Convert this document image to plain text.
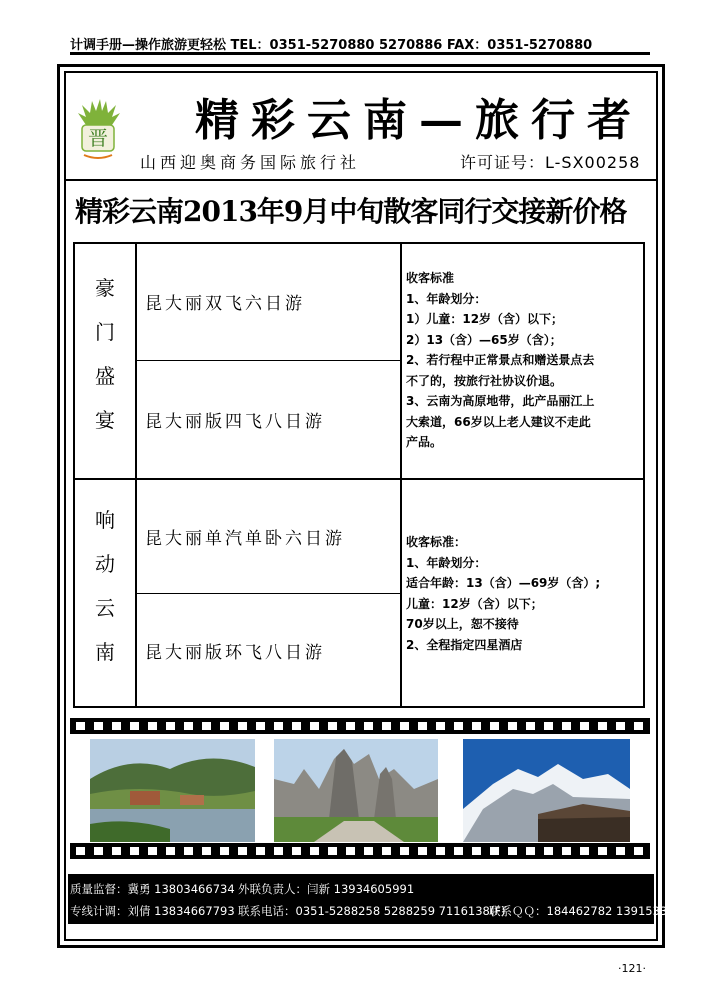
计调手册—操作旅游更轻松 TEL：0351-5270880 5270886 FAX：0351-5270880
晋 精彩云南—旅行者
山西迎奥商务国际旅行社	许可证号：L-SX00258
精彩云南2013年9月中旬散客同行交接新价格
豪
门
盛
宴
昆大丽双飞六日游
昆大丽版四飞八日游
收客标准
1、年龄划分：
1）儿童：12岁（含）以下；
2）13（含）—65岁（含）；
2、若行程中正常景点和赠送景点去
不了的，按旅行社协议价退。
3、云南为高原地带，此产品丽江上
大索道，66岁以上老人建议不走此
产品。
响
动
云
南
昆大丽单汽单卧六日游
昆大丽版环飞八日游
收客标准：
1、年龄划分：
适合年龄：13（含）—69岁（含）;
儿童：12岁（含）以下；
70岁以上，恕不接待
2、全程指定四星酒店
质量监督：冀勇 13803466734 外联负责人：闫新 13934605991
专线计调：刘倩 13834667793 联系电话：0351-5288258 5288259 7116138(F)
联系ＱＱ：184462782 1391533002
·121·
